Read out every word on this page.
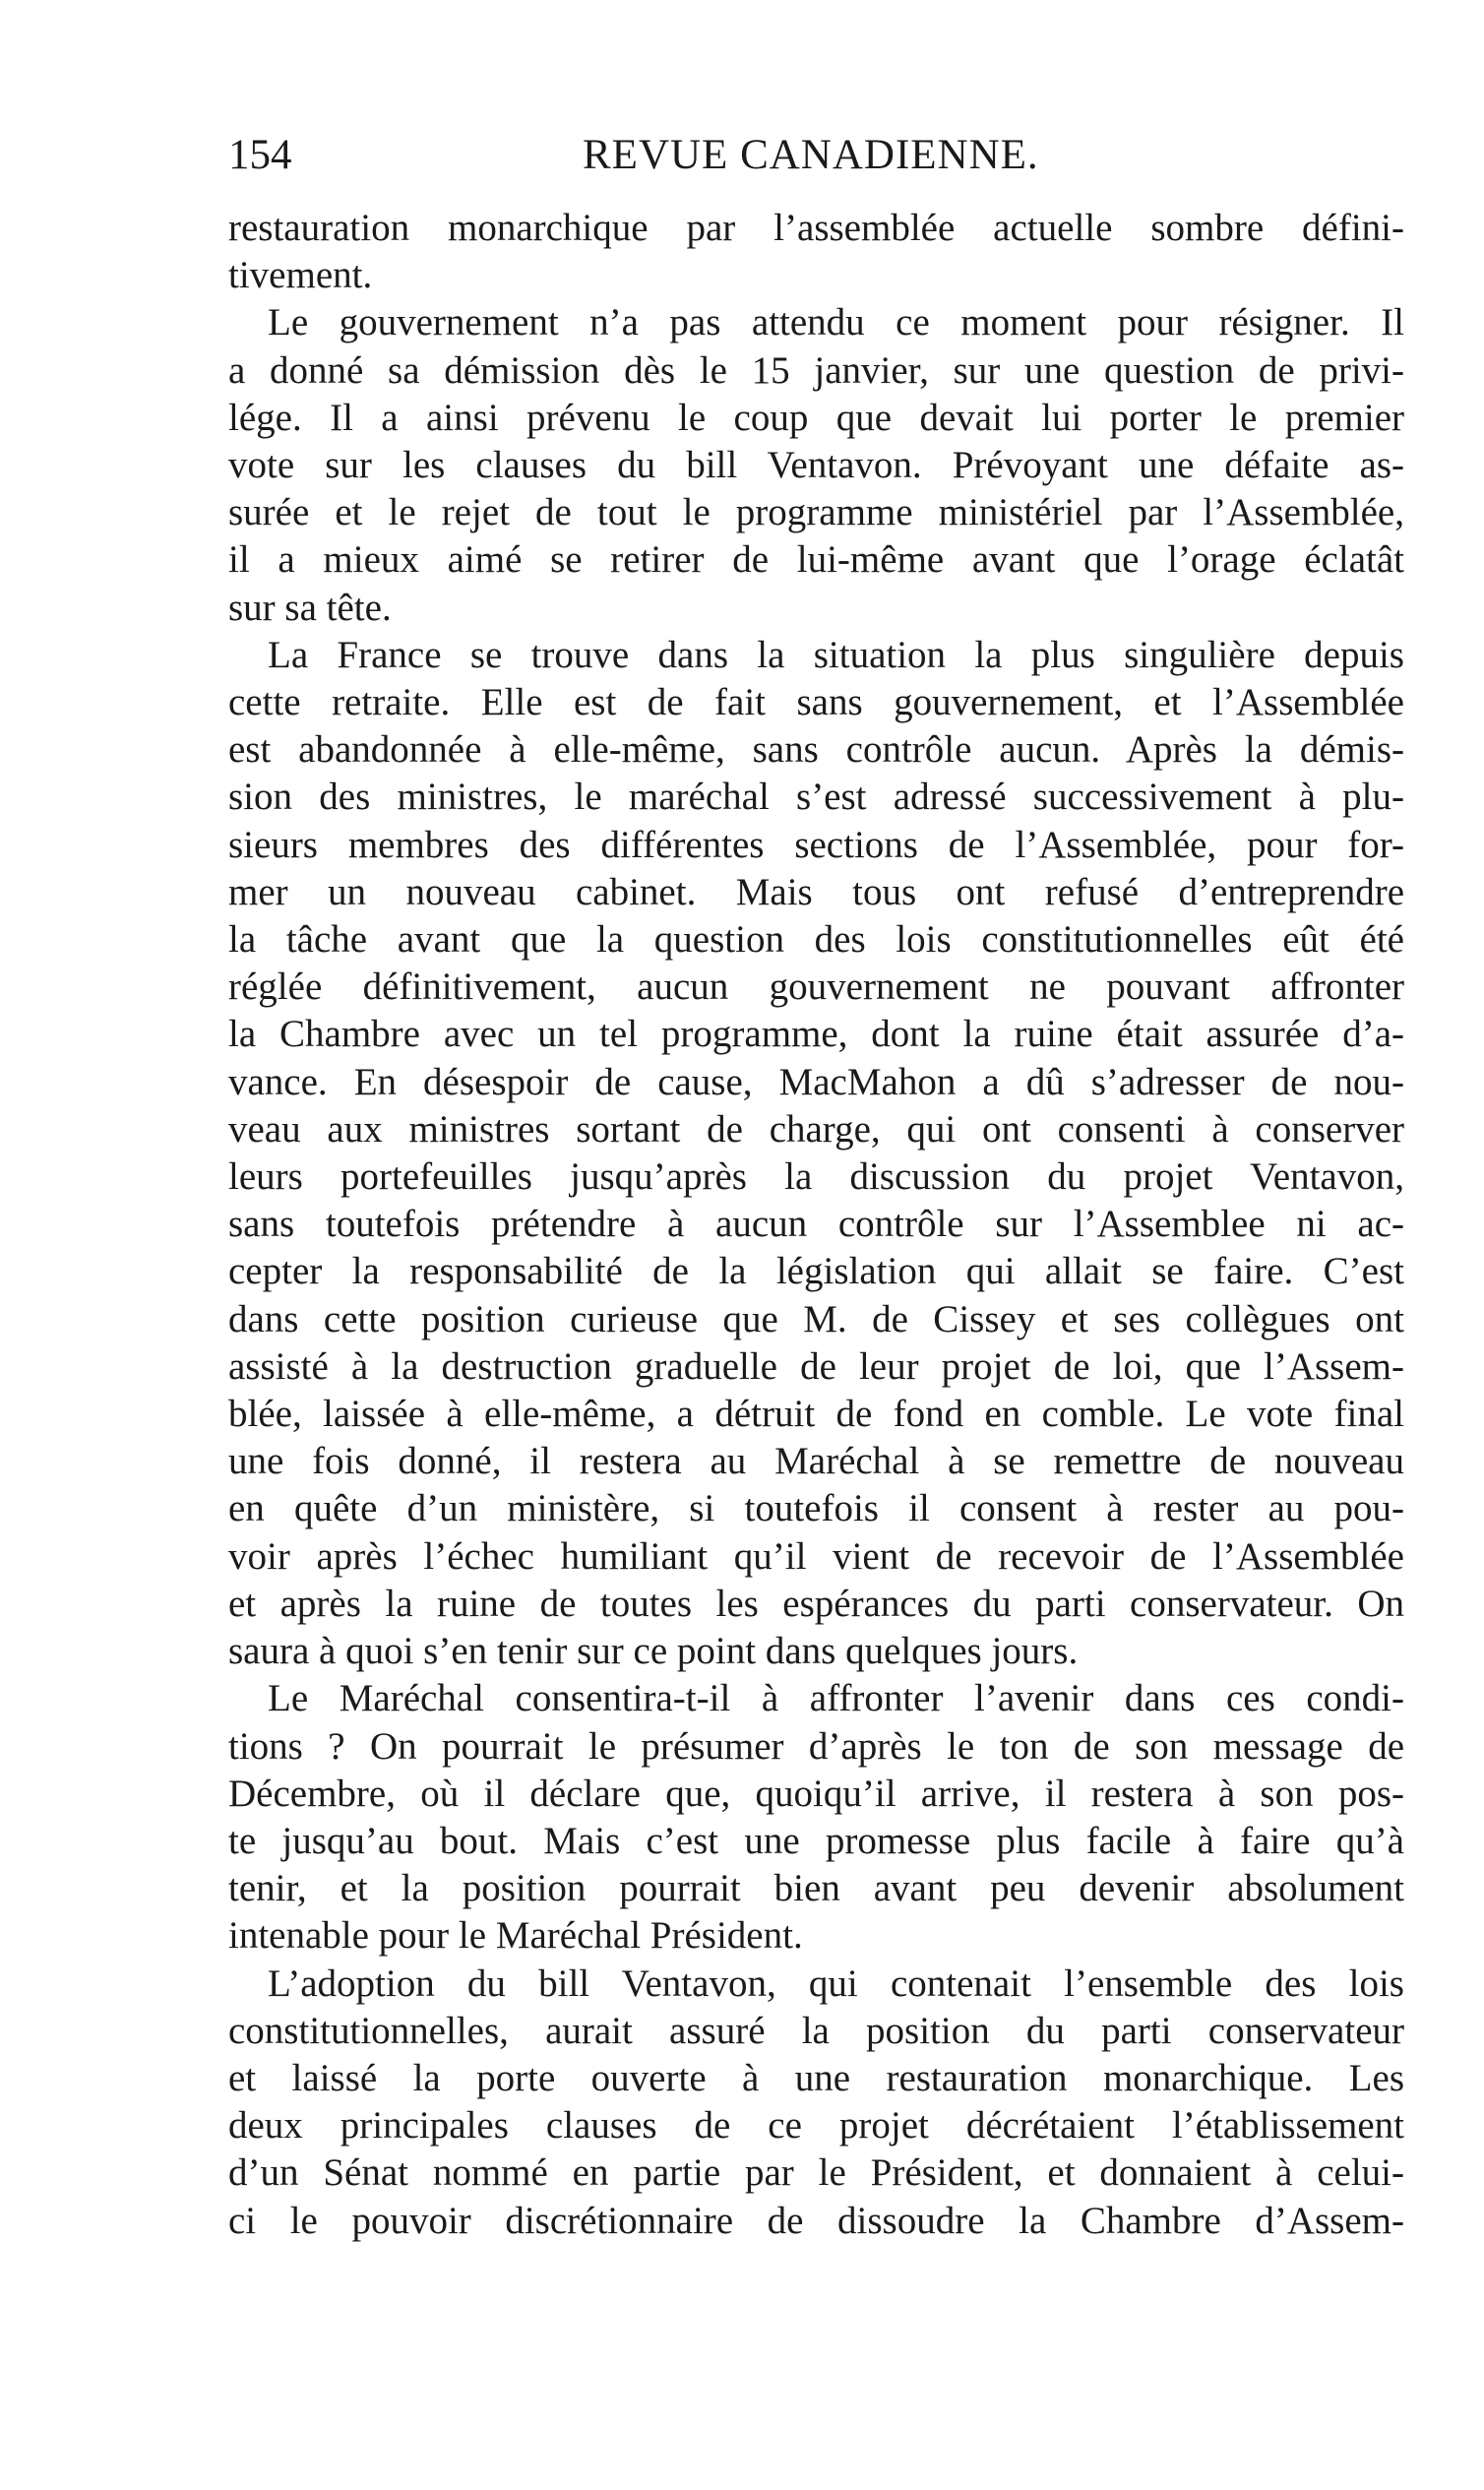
154	REVUE CANADIENNE.
restauration monarchique par l’assemblée actuelle sombre défini-
tivement.
Le gouvernement n’a pas attendu ce moment pour résigner. Il
a donné sa démission dès le 15 janvier, sur une question de privi-
lége. Il a ainsi prévenu le coup que devait lui porter le premier
vote sur les clauses du bill Ventavon. Prévoyant une défaite as-
surée et le rejet de tout le programme ministériel par l’Assemblée,
il a mieux aimé se retirer de lui-même avant que l’orage éclatât
sur sa tête.
La France se trouve dans la situation la plus singulière depuis
cette retraite. Elle est de fait sans gouvernement, et l’Assemblée
est abandonnée à elle-même, sans contrôle aucun. Après la démis-
sion des ministres, le maréchal s’est adressé successivement à plu-
sieurs membres des différentes sections de l’Assemblée, pour for-
mer un nouveau cabinet. Mais tous ont refusé d’entreprendre
la tâche avant que la question des lois constitutionnelles eût été
réglée définitivement, aucun gouvernement ne pouvant affronter
la Chambre avec un tel programme, dont la ruine était assurée d’a-
vance. En désespoir de cause, MacMahon a dû s’adresser de nou-
veau aux ministres sortant de charge, qui ont consenti à conserver
leurs portefeuilles jusqu’après la discussion du projet Ventavon,
sans toutefois prétendre à aucun contrôle sur l’Assemblee ni ac-
cepter la responsabilité de la législation qui allait se faire. C’est
dans cette position curieuse que M. de Cissey et ses collègues ont
assisté à la destruction graduelle de leur projet de loi, que l’Assem-
blée, laissée à elle-même, a détruit de fond en comble. Le vote final
une fois donné, il restera au Maréchal à se remettre de nouveau
en quête d’un ministère, si toutefois il consent à rester au pou-
voir après l’échec humiliant qu’il vient de recevoir de l’Assemblée
et après la ruine de toutes les espérances du parti conservateur. On
saura à quoi s’en tenir sur ce point dans quelques jours.
Le Maréchal consentira-t-il à affronter l’avenir dans ces condi-
tions ? On pourrait le présumer d’après le ton de son message de
Décembre, où il déclare que, quoiqu’il arrive, il restera à son pos-
te jusqu’au bout. Mais c’est une promesse plus facile à faire qu’à
tenir, et la position pourrait bien avant peu devenir absolument
intenable pour le Maréchal Président.
L’adoption du bill Ventavon, qui contenait l’ensemble des lois
constitutionnelles, aurait assuré la position du parti conservateur
et laissé la porte ouverte à une restauration monarchique. Les
deux principales clauses de ce projet décrétaient l’établissement
d’un Sénat nommé en partie par le Président, et donnaient à celui-
ci le pouvoir discrétionnaire de dissoudre la Chambre d’Assem-
